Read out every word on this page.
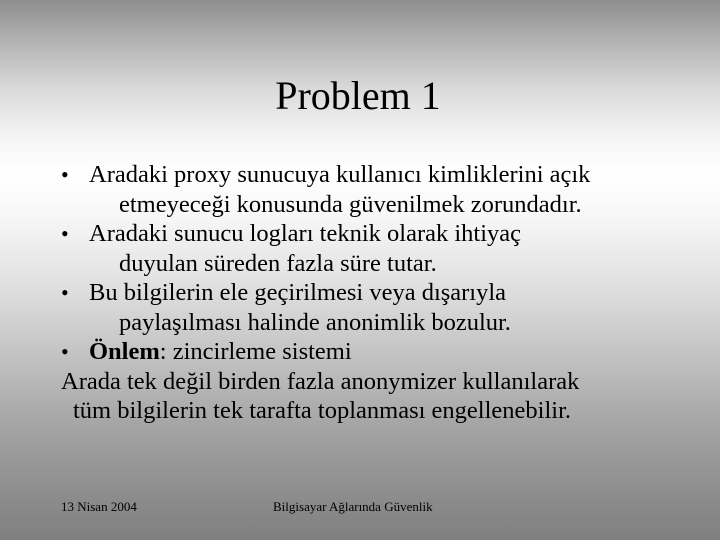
Problem 1
• Aradaki proxy sunucuya kullanıcı kimliklerini açık
etmeyeceği konusunda güvenilmek zorundadır.
• Aradaki sunucu logları teknik olarak ihtiyaç
duyulan süreden fazla süre tutar.
• Bu bilgilerin ele geçirilmesi veya dışarıyla
paylaşılması halinde anonimlik bozulur.
• Önlem: zincirleme sistemi
Arada tek değil birden fazla anonymizer kullanılarak
tüm bilgilerin tek tarafta toplanması engellenebilir.
13 Nisan 2004	Bilgisayar Ağlarında Güvenlik
